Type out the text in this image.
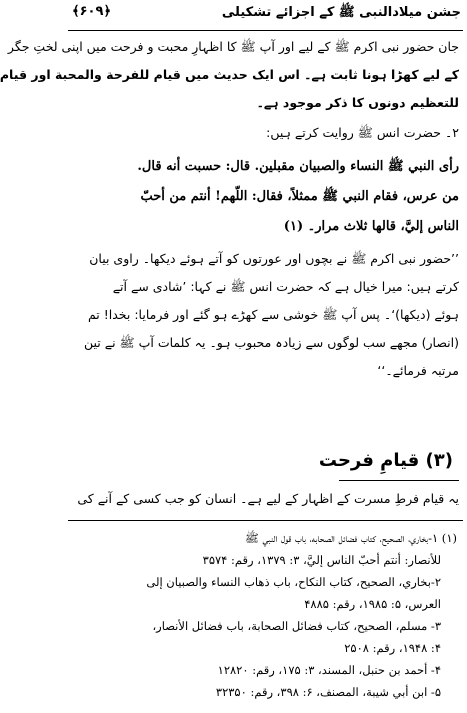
جشن میلادالنبی ﷺ کے اجزائے تشکیلی
﴿۶۰۹﴾
جان حضور نبی اکرم ﷺ کے لیے اور آپ ﷺ کا اظہارِ محبت و فرحت میں اپنی لختِ جگر
کے لیے کھڑا ہونا ثابت ہے۔ اس ایک حدیث میں قیام للفرحة والمحبة اور قیام
للتعظیم دونوں کا ذکر موجود ہے۔
۲۔ حضرت انس ﷺ روایت کرتے ہیں:
رأى النبي ﷺ النساء والصبيان مقبلين. قال: حسبت أنه قال.
من عرس، فقام النبي ﷺ ممثلاً، فقال: اللّهم! أنتم من أحبّ
الناس إليَّ، قالها ثلاث مرار۔ (۱)
’’حضور نبی اکرم ﷺ نے بچوں اور عورتوں کو آتے ہوئے دیکھا۔ راوی بیان
کرتے ہیں: میرا خیال ہے کہ حضرت انس ﷺ نے کہا: ’شادی سے آتے
ہوئے (دیکھا)‘۔ پس آپ ﷺ خوشی سے کھڑے ہو گئے اور فرمایا: بخدا! تم
(انصار) مجھے سب لوگوں سے زیادہ محبوب ہو۔ یہ کلمات آپ ﷺ نے تین
مرتبہ فرمائے۔‘‘
(۳) قیامِ فرحت
یہ قیام فرطِ مسرت کے اظہار کے لیے ہے۔ انسان کو جب کسی کے آنے کی
(۱) ۱-بخاري، الصحيح، كتاب فضائل الصحابه، باب قول النبي ﷺ
للأنصار: أنتم أحبّ الناس إليَّ، ۳: ۱۳۷۹، رقم: ۳۵۷۴
۲-بخاري، الصحيح، كتاب النكاح، باب ذهاب النساء والصبيان إلى
العرس، ۵: ۱۹۸۵، رقم: ۴۸۸۵
۳- مسلم، الصحيح، كتاب فضائل الصحابة، باب فضائل الأنصار،
۴: ۱۹۴۸، رقم: ۲۵۰۸
۴- أحمد بن حنبل، المسند، ۳: ۱۷۵، رقم: ۱۲۸۲۰
۵- ابن أبي شيبة، المصنف، ۶: ۳۹۸، رقم: ۳۲۳۵۰
